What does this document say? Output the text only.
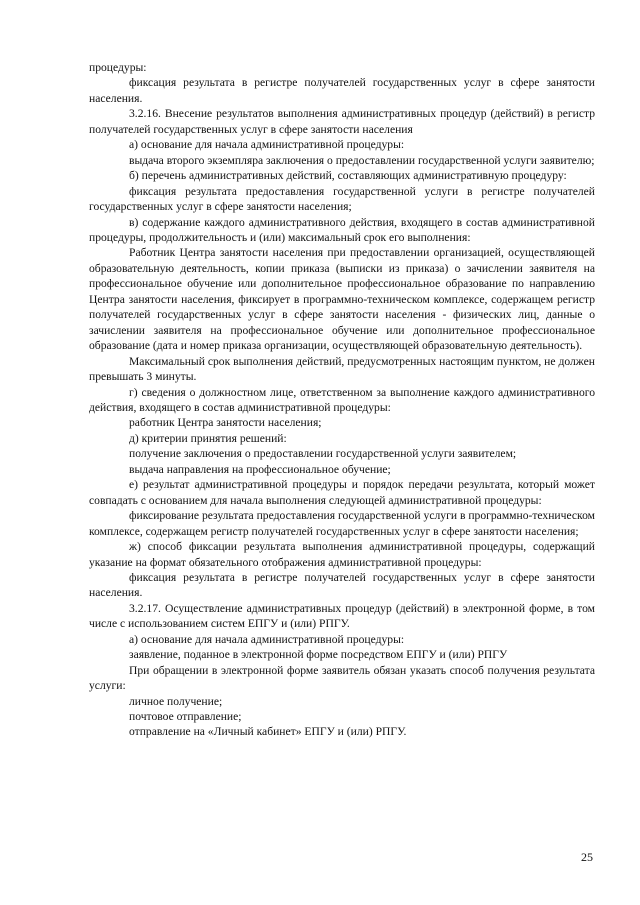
процедуры:

фиксация результата в регистре получателей государственных услуг в сфере занятости населения.

3.2.16. Внесение результатов выполнения административных процедур (действий) в регистр получателей государственных услуг в сфере занятости населения

а) основание для начала административной процедуры:

выдача второго экземпляра заключения о предоставлении государственной услуги заявителю;

б) перечень административных действий, составляющих административную процедуру:

фиксация результата предоставления государственной услуги в регистре получателей государственных услуг в сфере занятости населения;

в) содержание каждого административного действия, входящего в состав административной процедуры, продолжительность и (или) максимальный срок его выполнения:

Работник Центра занятости населения при предоставлении организацией, осуществляющей образовательную деятельность, копии приказа (выписки из приказа) о зачислении заявителя на профессиональное обучение или дополнительное профессиональное образование по направлению Центра занятости населения, фиксирует в программно-техническом комплексе, содержащем регистр получателей государственных услуг в сфере занятости населения - физических лиц, данные о зачислении заявителя на профессиональное обучение или дополнительное профессиональное образование (дата и номер приказа организации, осуществляющей образовательную деятельность).

Максимальный срок выполнения действий, предусмотренных настоящим пунктом, не должен превышать 3 минуты.

г) сведения о должностном лице, ответственном за выполнение каждого административного действия, входящего в состав административной процедуры:

работник Центра занятости населения;

д) критерии принятия решений:

получение заключения о предоставлении государственной услуги заявителем;

выдача направления на профессиональное обучение;

е) результат административной процедуры и порядок передачи результата, который может совпадать с основанием для начала выполнения следующей административной процедуры:

фиксирование результата предоставления государственной услуги в программно-техническом комплексе, содержащем регистр получателей государственных услуг в сфере занятости населения;

ж) способ фиксации результата выполнения административной процедуры, содержащий указание на формат обязательного отображения административной процедуры:

фиксация результата в регистре получателей государственных услуг в сфере занятости населения.

3.2.17. Осуществление административных процедур (действий) в электронной форме, в том числе с использованием систем ЕПГУ и (или) РПГУ.

а) основание для начала административной процедуры:

заявление, поданное в электронной форме посредством ЕПГУ и (или) РПГУ

При обращении в электронной форме заявитель обязан указать способ получения результата услуги:

личное получение;

почтовое отправление;

отправление на «Личный кабинет» ЕПГУ и (или) РПГУ.

25
